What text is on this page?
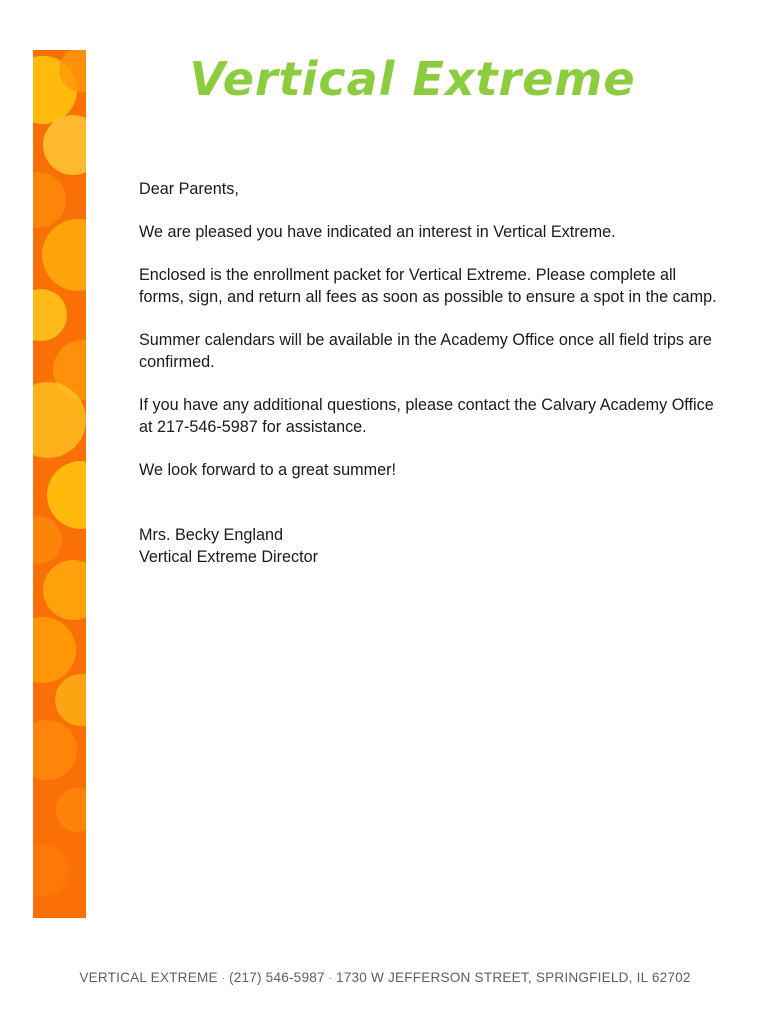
Vertical Extreme

Dear Parents,

We are pleased you have indicated an interest in Vertical Extreme.

Enclosed is the enrollment packet for Vertical Extreme. Please complete all forms, sign, and return all fees as soon as possible to ensure a spot in the camp.

Summer calendars will be available in the Academy Office once all field trips are confirmed.

If you have any additional questions, please contact the Calvary Academy Office at 217-546-5987 for assistance.

We look forward to a great summer!

Mrs. Becky England
Vertical Extreme Director
VERTICAL EXTREME · (217) 546-5987 · 1730 W JEFFERSON STREET, SPRINGFIELD, IL 62702
